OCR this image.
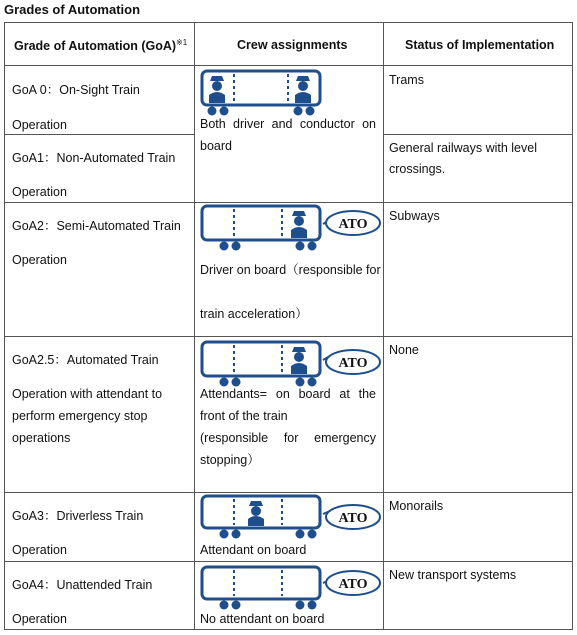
Grades of Automation
Grade of Automation (GoA)$^{※1}$	Crew assignments	Status of Implementation
GoA 0：On-Sight Train
Operation
GoA1：Non-Automated Train
Operation
GoA2：Semi-Automated Train
Operation
GoA2.5：Automated Train
Operation with attendant to
perform emergency stop
operations
GoA3：Driverless Train
Operation
GoA4：Unattended Train
Operation
Trams
General railways with level
crossings.
Subways
None
Monorails
New transport systems
Both driver and conductor on
board
Driver on board（responsible for
train acceleration）
Attendants= on board at the
front of the train
(responsible for emergency
stopping）
Attendant on board
No attendant on board
ATO
ATO
ATO
ATO
